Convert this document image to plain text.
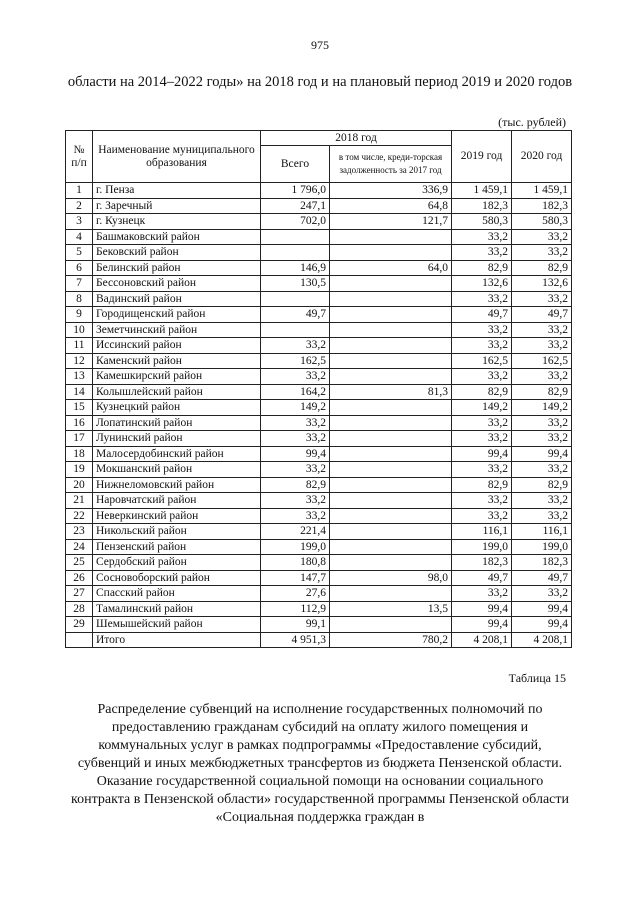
975
области на 2014–2022 годы» на 2018 год и на плановый период 2019 и 2020 годов
(тыс. рублей)
№ п/п	Наименование муниципального образования	2018 год		2019 год	2020 год
		Всего	в том числе, креди-торская задолженность за 2017 год		
1	г. Пенза	1 796,0	336,9	1 459,1	1 459,1
2	г. Заречный	247,1	64,8	182,3	182,3
3	г. Кузнецк	702,0	121,7	580,3	580,3
4	Башмаковский район			33,2	33,2
5	Бековский район			33,2	33,2
6	Белинский район	146,9	64,0	82,9	82,9
7	Бессоновский район	130,5		132,6	132,6
8	Вадинский район			33,2	33,2
9	Городищенский район	49,7		49,7	49,7
10	Земетчинский район			33,2	33,2
11	Иссинский район	33,2		33,2	33,2
12	Каменский район	162,5		162,5	162,5
13	Камешкирский район	33,2		33,2	33,2
14	Колышлейский район	164,2	81,3	82,9	82,9
15	Кузнецкий район	149,2		149,2	149,2
16	Лопатинский район	33,2		33,2	33,2
17	Лунинский район	33,2		33,2	33,2
18	Малосердобинский район	99,4		99,4	99,4
19	Мокшанский район	33,2		33,2	33,2
20	Нижнеломовский район	82,9		82,9	82,9
21	Наровчатский район	33,2		33,2	33,2
22	Неверкинский район	33,2		33,2	33,2
23	Никольский район	221,4		116,1	116,1
24	Пензенский район	199,0		199,0	199,0
25	Сердобский район	180,8		182,3	182,3
26	Сосновоборский район	147,7	98,0	49,7	49,7
27	Спасский район	27,6		33,2	33,2
28	Тамалинский район	112,9	13,5	99,4	99,4
29	Шемышейский район	99,1		99,4	99,4
	Итого	4 951,3	780,2	4 208,1	4 208,1
Таблица 15
Распределение субвенций на исполнение государственных полномочий по предоставлению гражданам субсидий на оплату жилого помещения и коммунальных услуг в рамках подпрограммы «Предоставление субсидий, субвенций и иных межбюджетных трансфертов из бюджета Пензенской области. Оказание государственной социальной помощи на основании социального контракта в Пензенской области» государственной программы Пензенской области «Социальная поддержка граждан в
